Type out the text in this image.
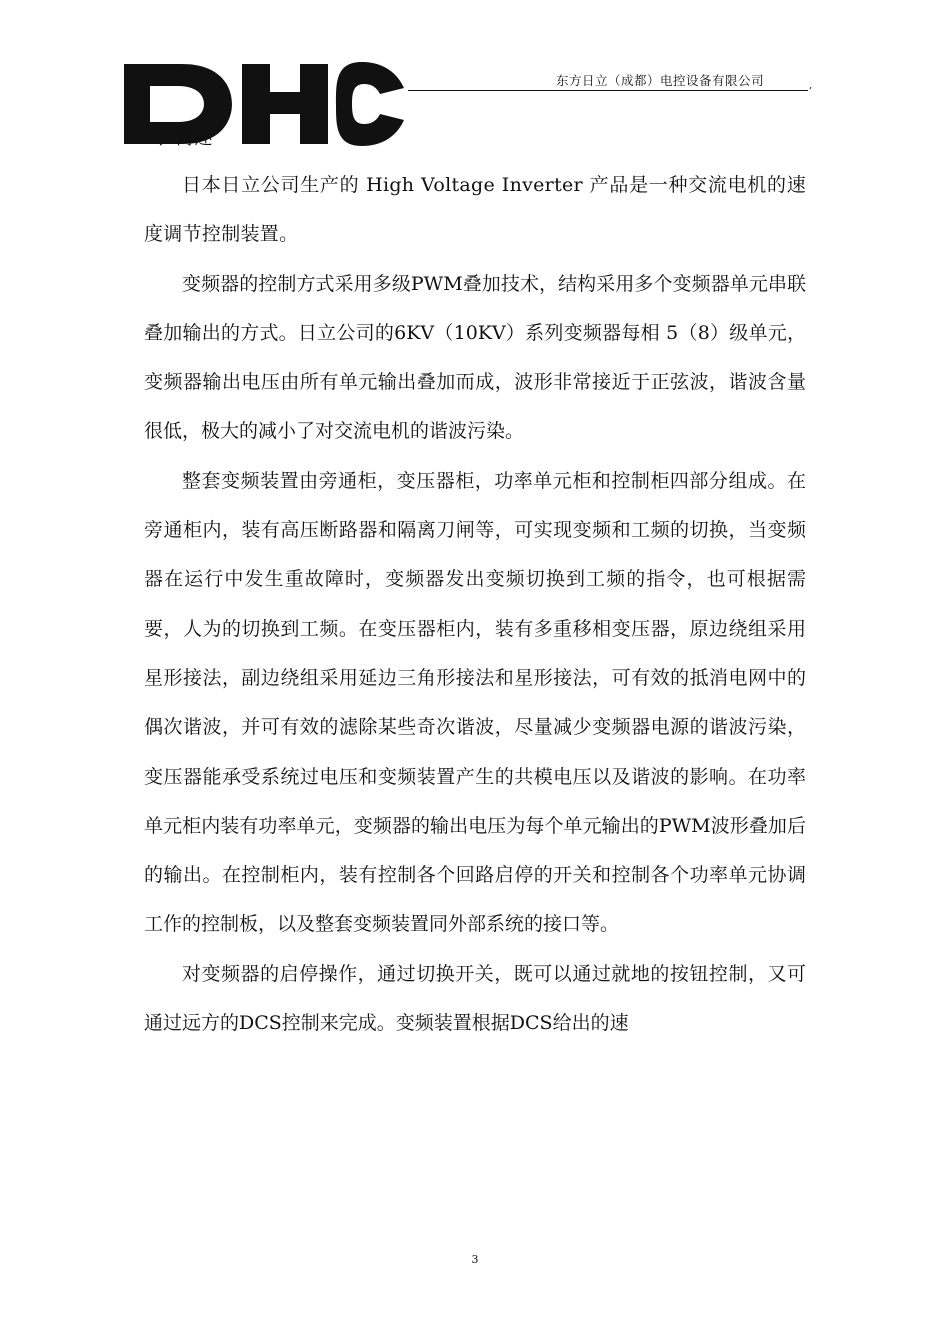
东方日立（成都）电控设备有限公司	,
1、简述

日本日立公司生产的 High Voltage Inverter 产品是一种交流电机的速度调节控制装置。

变频器的控制方式采用多级PWM叠加技术，结构采用多个变频器单元串联叠加输出的方式。日立公司的6KV（10KV）系列变频器每相 5（8）级单元，变频器输出电压由所有单元输出叠加而成，波形非常接近于正弦波，谐波含量很低，极大的减小了对交流电机的谐波污染。

整套变频装置由旁通柜，变压器柜，功率单元柜和控制柜四部分组成。在旁通柜内，装有高压断路器和隔离刀闸等，可实现变频和工频的切换，当变频器在运行中发生重故障时，变频器发出变频切换到工频的指令，也可根据需要，人为的切换到工频。在变压器柜内，装有多重移相变压器，原边绕组采用星形接法，副边绕组采用延边三角形接法和星形接法，可有效的抵消电网中的偶次谐波，并可有效的滤除某些奇次谐波，尽量减少变频器电源的谐波污染，变压器能承受系统过电压和变频装置产生的共模电压以及谐波的影响。在功率单元柜内装有功率单元，变频器的输出电压为每个单元输出的PWM波形叠加后的输出。在控制柜内，装有控制各个回路启停的开关和控制各个功率单元协调工作的控制板，以及整套变频装置同外部系统的接口等。

对变频器的启停操作，通过切换开关，既可以通过就地的按钮控制，又可通过远方的DCS控制来完成。变频装置根据DCS给出的速

3
